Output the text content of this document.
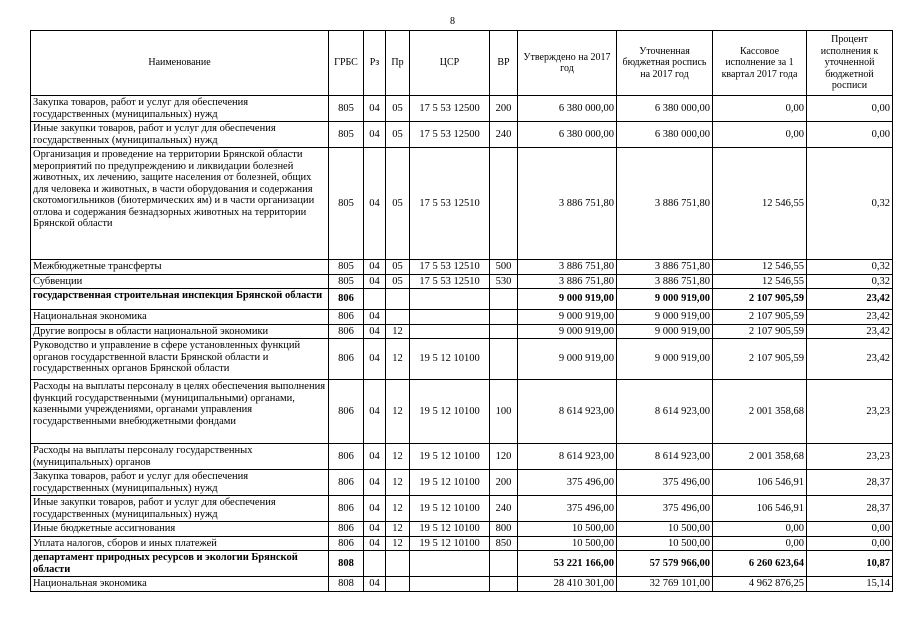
8
Наименование	ГРБС	Рз	Пр	ЦСР	ВР	Утверждено на 2017 год	Уточненная бюджетная роспись на 2017 год	Кассовое исполнение за 1 квартал 2017 года	Процент исполнения к уточненной бюджетной росписи
Закупка товаров, работ и услуг для обеспечения государственных (муниципальных) нужд	805	04	05	17 5 53 12500	200	6 380 000,00	6 380 000,00	0,00	0,00
Иные закупки товаров, работ и услуг для обеспечения государственных (муниципальных) нужд	805	04	05	17 5 53 12500	240	6 380 000,00	6 380 000,00	0,00	0,00
Организация и проведение на территории Брянской области мероприятий по предупреждению и ликвидации болезней животных, их лечению, защите населения от болезней, общих для человека и животных, в части оборудования и содержания скотомогильников (биотермических ям) и в части организации отлова и содержания безнадзорных животных на территории Брянской области	805	04	05	17 5 53 12510		3 886 751,80	3 886 751,80	12 546,55	0,32
Межбюджетные трансферты	805	04	05	17 5 53 12510	500	3 886 751,80	3 886 751,80	12 546,55	0,32
Субвенции	805	04	05	17 5 53 12510	530	3 886 751,80	3 886 751,80	12 546,55	0,32
государственная строительная инспекция Брянской области	806					9 000 919,00	9 000 919,00	2 107 905,59	23,42
Национальная экономика	806	04				9 000 919,00	9 000 919,00	2 107 905,59	23,42
Другие вопросы в области национальной экономики	806	04	12			9 000 919,00	9 000 919,00	2 107 905,59	23,42
Руководство и управление в сфере установленных функций органов государственной власти Брянской области и государственных органов Брянской области	806	04	12	19 5 12 10100		9 000 919,00	9 000 919,00	2 107 905,59	23,42
Расходы на выплаты персоналу в целях обеспечения выполнения функций государственными (муниципальными) органами, казенными учреждениями, органами управления государственными внебюджетными фондами	806	04	12	19 5 12 10100	100	8 614 923,00	8 614 923,00	2 001 358,68	23,23
Расходы на выплаты персоналу государственных (муниципальных) органов	806	04	12	19 5 12 10100	120	8 614 923,00	8 614 923,00	2 001 358,68	23,23
Закупка товаров, работ и услуг для обеспечения государственных (муниципальных) нужд	806	04	12	19 5 12 10100	200	375 496,00	375 496,00	106 546,91	28,37
Иные закупки товаров, работ и услуг для обеспечения государственных (муниципальных) нужд	806	04	12	19 5 12 10100	240	375 496,00	375 496,00	106 546,91	28,37
Иные бюджетные ассигнования	806	04	12	19 5 12 10100	800	10 500,00	10 500,00	0,00	0,00
Уплата налогов, сборов и иных платежей	806	04	12	19 5 12 10100	850	10 500,00	10 500,00	0,00	0,00
департамент природных ресурсов и экологии Брянской области	808					53 221 166,00	57 579 966,00	6 260 623,64	10,87
Национальная экономика	808	04				28 410 301,00	32 769 101,00	4 962 876,25	15,14
